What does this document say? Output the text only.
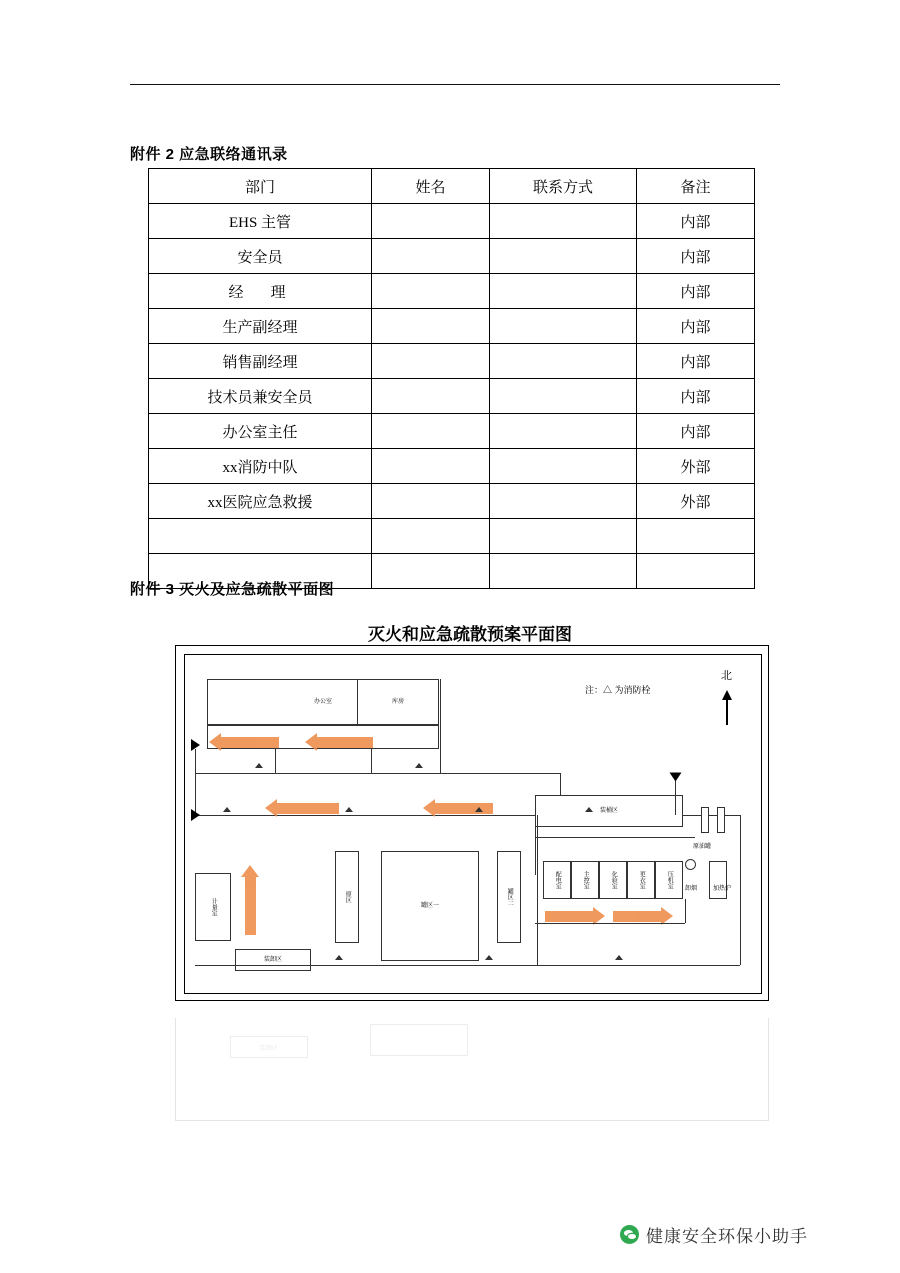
附件 2 应急联络通讯录
部门	姓名	联系方式	备注
EHS 主管			内部
安全员			内部
经　理			内部
生产副经理			内部
销售副经理			内部
技术员兼安全员			内部
办公室主任			内部
xx消防中队			外部
xx医院应急救援			外部

附件 3 灭火及应急疏散平面图
灭火和应急疏散预案平面图
注：△ 为消防栓
北
办公室	库房
计量室
装卸区
原区
罐区一	罐区二
装桶区
原油罐
配电室	主控室	化验室	更衣室	压机室 卸烟	加热炉
装卸区
健康安全环保小助手
